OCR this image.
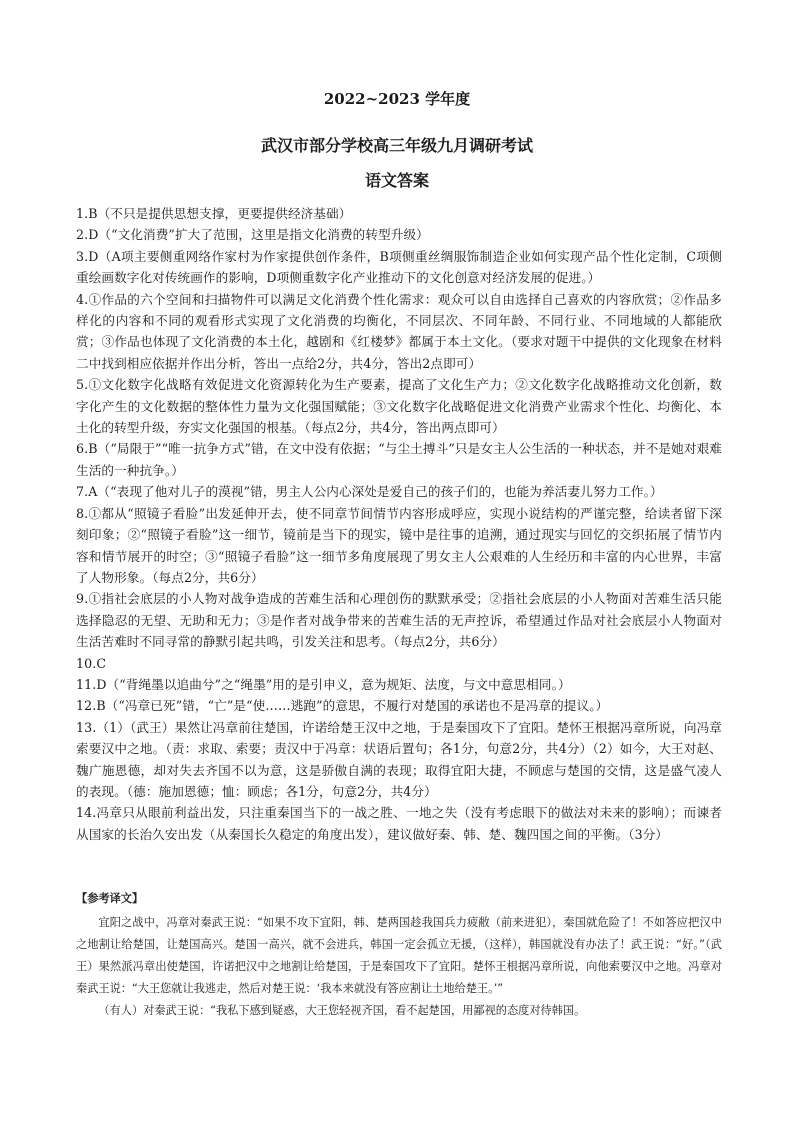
2022~2023 学年度

武汉市部分学校高三年级九月调研考试

语文答案

1.B（不只是提供思想支撑，更要提供经济基础）

2.D（“文化消费”扩大了范围，这里是指文化消费的转型升级）

3.D（A项主要侧重网络作家村为作家提供创作条件，B项侧重丝绸服饰制造企业如何实现产品个性化定制，C项侧重绘画数字化对传统画作的影响，D项侧重数字化产业推动下的文化创意对经济发展的促进。）

4.①作品的六个空间和扫描物件可以满足文化消费个性化需求：观众可以自由选择自己喜欢的内容欣赏；②作品多样化的内容和不同的观看形式实现了文化消费的均衡化，不同层次、不同年龄、不同行业、不同地域的人都能欣赏；③作品也体现了文化消费的本土化，越剧和《红楼梦》都属于本土文化。（要求对题干中提供的文化现象在材料二中找到相应依据并作出分析，答出一点给2分，共4分，答出2点即可）

5.①文化数字化战略有效促进文化资源转化为生产要素，提高了文化生产力；②文化数字化战略推动文化创新，数字化产生的文化数据的整体性力量为文化强国赋能；③文化数字化战略促进文化消费产业需求个性化、均衡化、本土化的转型升级，夯实文化强国的根基。（每点2分，共4分，答出两点即可）

6.B（“局限于”“唯一抗争方式”错，在文中没有依据；“与尘土搏斗”只是女主人公生活的一种状态，并不是她对艰难生活的一种抗争。）

7.A（“表现了他对儿子的漠视”错，男主人公内心深处是爱自己的孩子们的，也能为养活妻儿努力工作。）

8.①都从“照镜子看脸”出发延伸开去，使不同章节间情节内容形成呼应，实现小说结构的严谨完整，给读者留下深刻印象；②“照镜子看脸”这一细节，镜前是当下的现实，镜中是往事的追溯，通过现实与回忆的交织拓展了情节内容和情节展开的时空；③“照镜子看脸”这一细节多角度展现了男女主人公艰难的人生经历和丰富的内心世界，丰富了人物形象。（每点2分，共6分）

9.①指社会底层的小人物对战争造成的苦难生活和心理创伤的默默承受；②指社会底层的小人物面对苦难生活只能选择隐忍的无望、无助和无力；③是作者对战争带来的苦难生活的无声控诉，希望通过作品对社会底层小人物面对生活苦难时不同寻常的静默引起共鸣，引发关注和思考。（每点2分，共6分）

10.C

11.D（“背绳墨以追曲兮”之“绳墨”用的是引申义，意为规矩、法度，与文中意思相同。）

12.B（“冯章已死”错，“亡”是“使……逃跑”的意思，不履行对楚国的承诺也不是冯章的提议。）

13.（1）（武王）果然让冯章前往楚国，许诺给楚王汉中之地，于是秦国攻下了宜阳。楚怀王根据冯章所说，向冯章索要汉中之地。（责：求取、索要；责汉中于冯章：状语后置句；各1分，句意2分，共4分）（2）如今，大王对赵、魏广施恩德，却对失去齐国不以为意，这是骄傲自满的表现；取得宜阳大捷，不顾虑与楚国的交情，这是盛气凌人的表现。（德：施加恩德；恤：顾虑；各1分，句意2分，共4分）

14.冯章只从眼前利益出发，只注重秦国当下的一战之胜、一地之失（没有考虑眼下的做法对未来的影响）；而谏者从国家的长治久安出发（从秦国长久稳定的角度出发），建议做好秦、韩、楚、魏四国之间的平衡。（3分）

【参考译文】

宜阳之战中，冯章对秦武王说：“如果不攻下宜阳，韩、楚两国趁我国兵力疲敝（前来进犯），秦国就危险了！不如答应把汉中之地割让给楚国，让楚国高兴。楚国一高兴，就不会进兵，韩国一定会孤立无援，（这样），韩国就没有办法了！武王说：“好。”（武王）果然派冯章出使楚国，许诺把汉中之地割让给楚国，于是秦国攻下了宜阳。楚怀王根据冯章所说，向他索要汉中之地。冯章对秦武王说：“大王您就让我逃走，然后对楚王说：‘我本来就没有答应割让土地给楚王。’”

（有人）对秦武王说：“我私下感到疑惑，大王您轻视齐国，看不起楚国，用鄙视的态度对待韩国。
